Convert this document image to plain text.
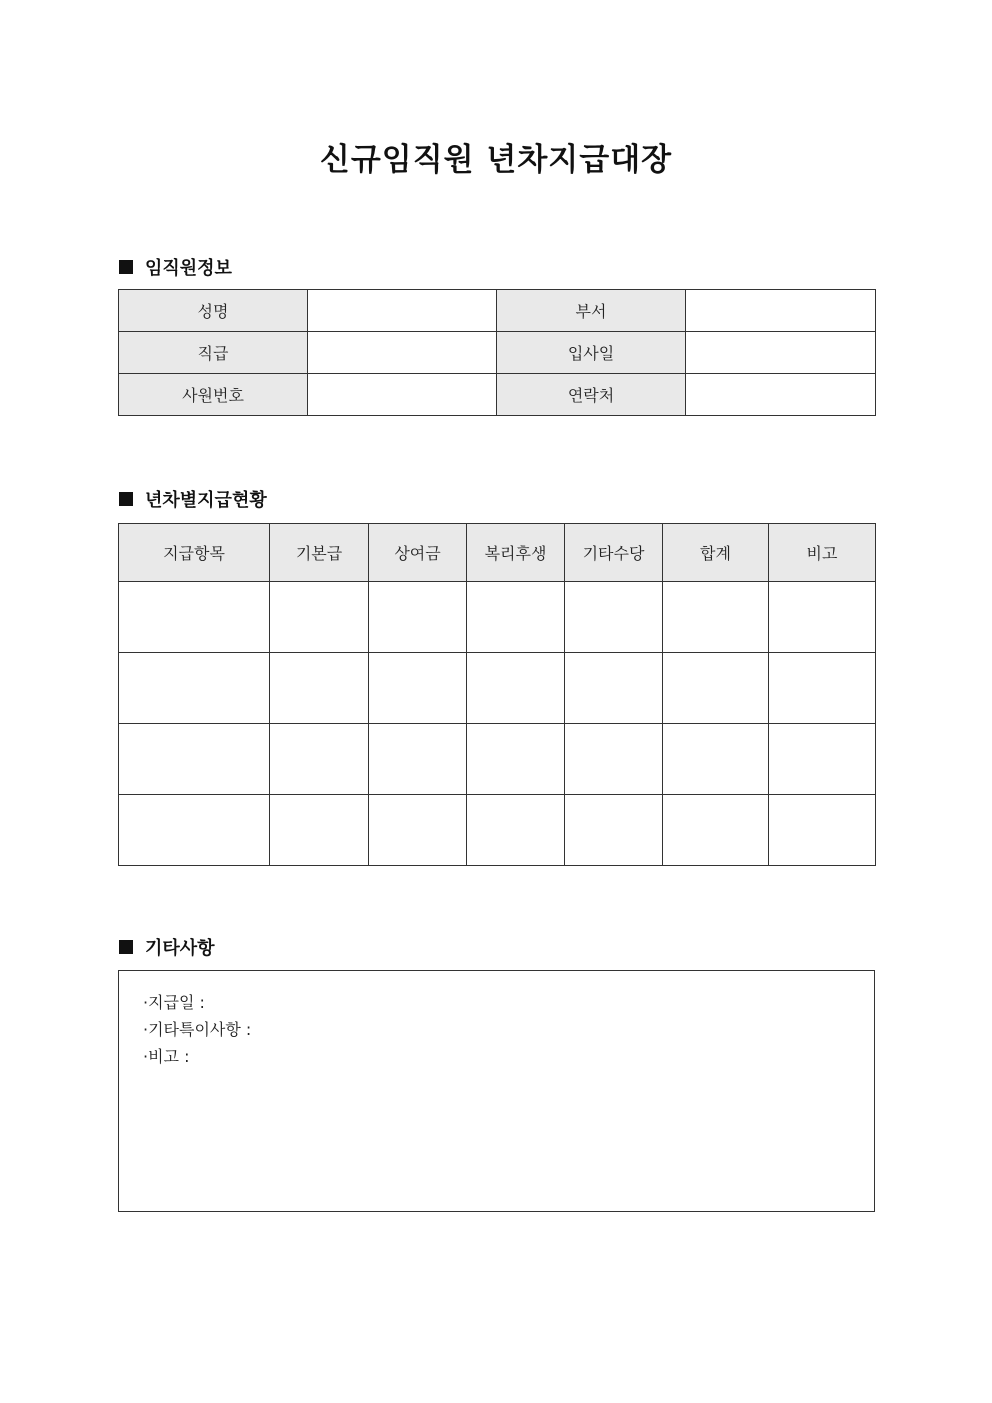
신규임직원 년차지급대장
임직원정보
성명		부서	
직급		입사일	
사원번호		연락처	
년차별지급현황
지급항목	기본급	상여금	복리후생	기타수당	합계	비고

기타사항
·지급일 :
·기타특이사항 :
·비고 :
